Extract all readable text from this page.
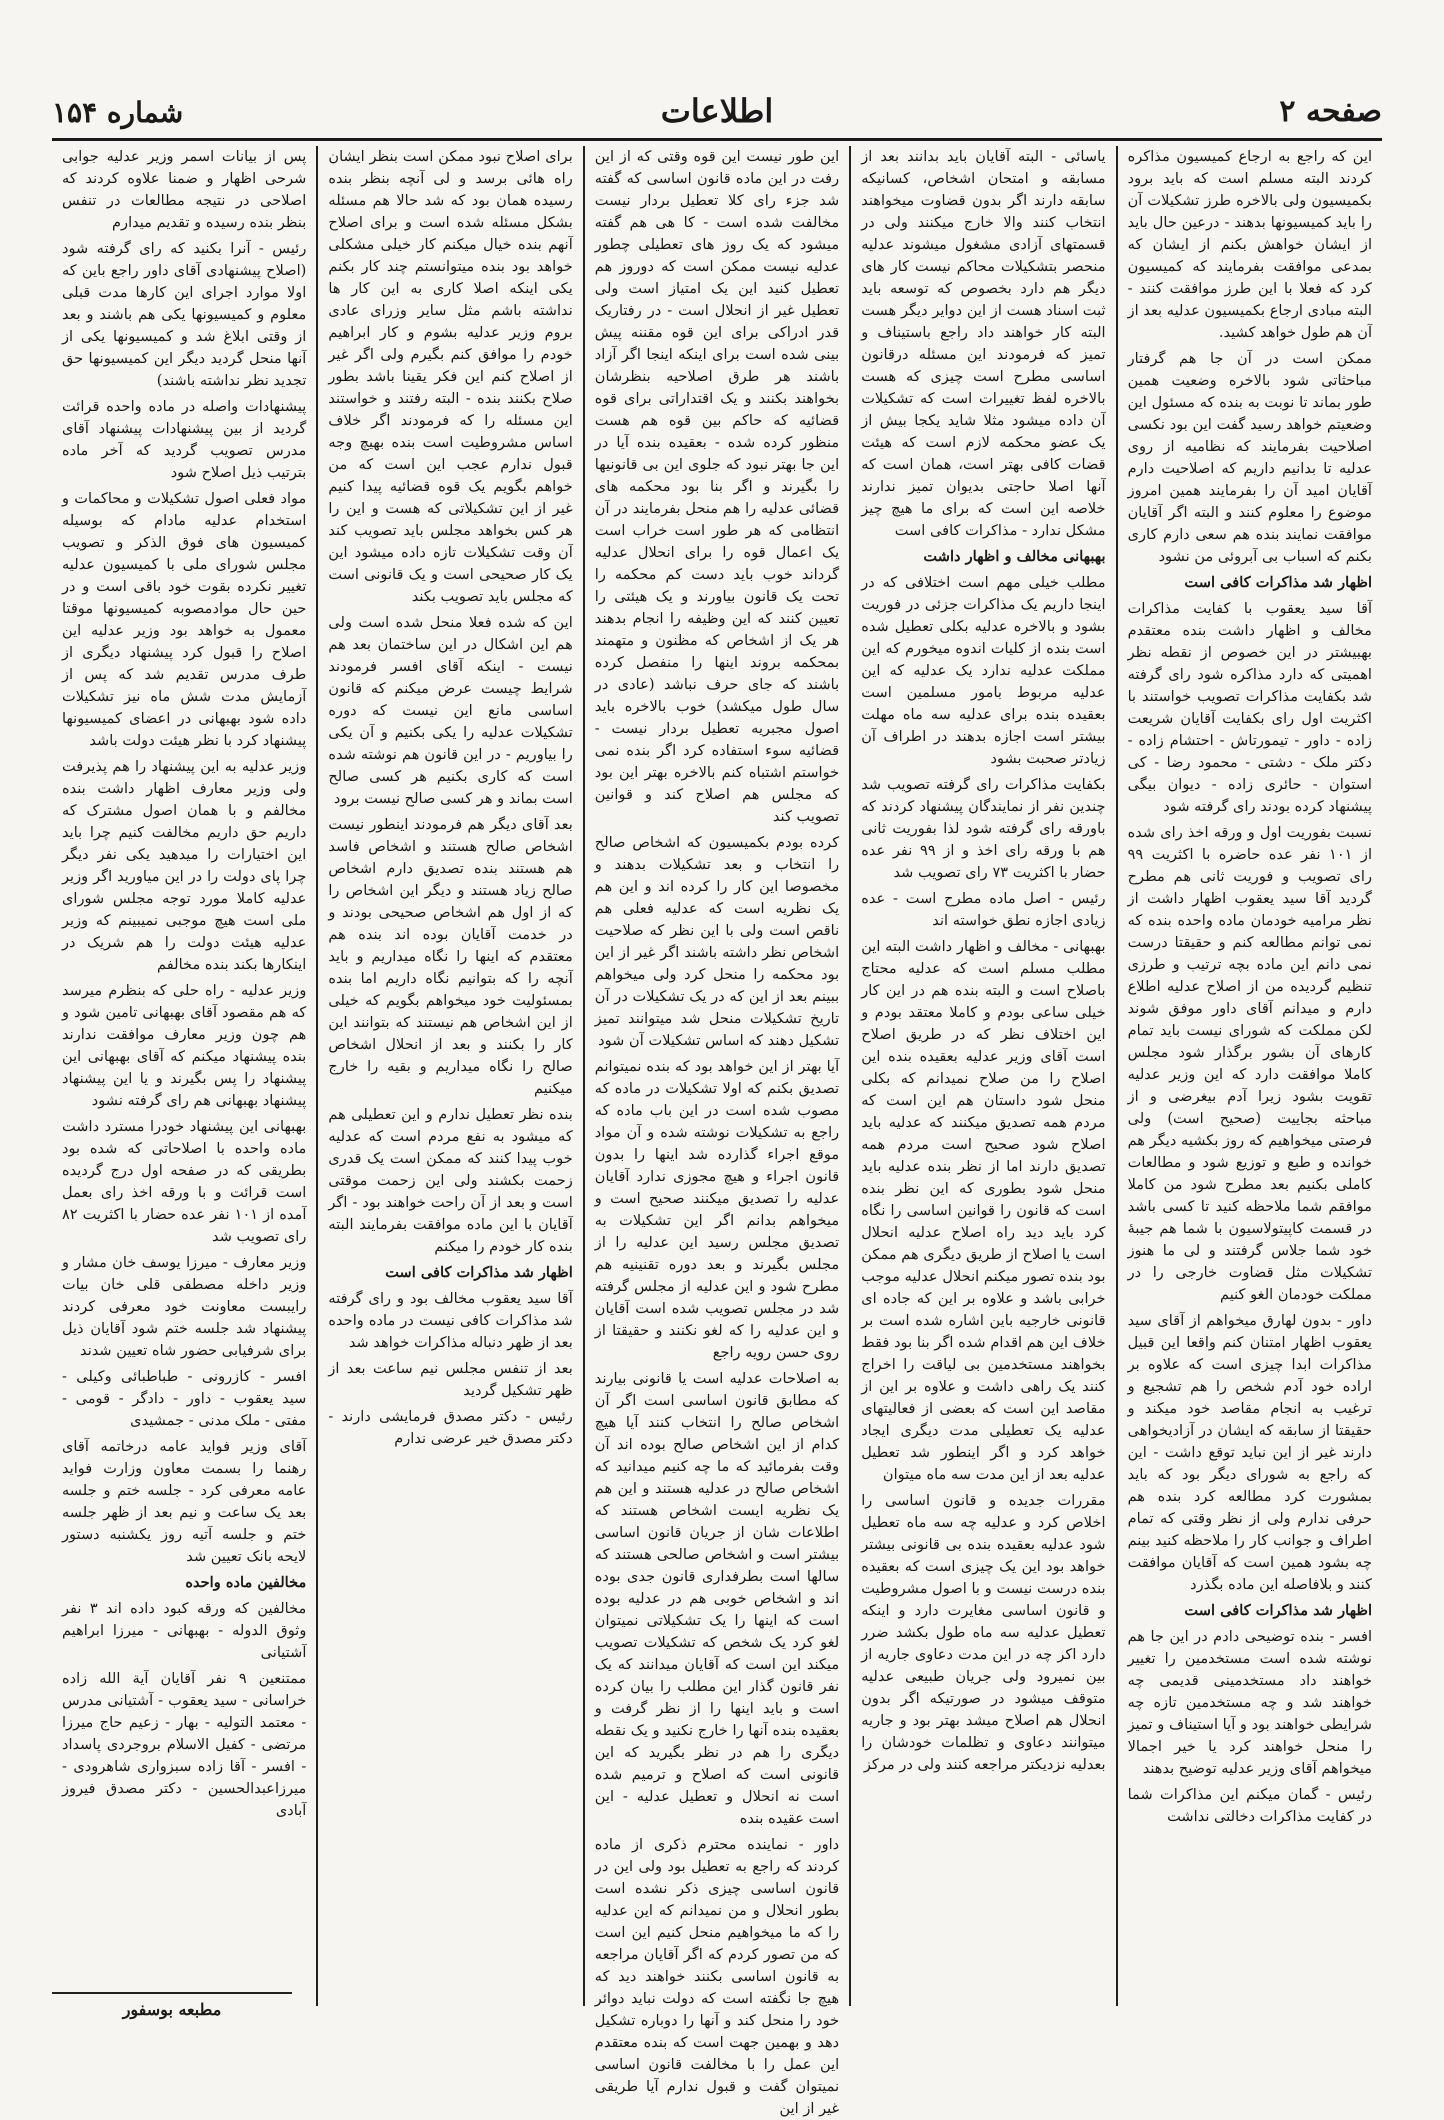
صفحه ۲
اطلاعات
شماره ۱۵۴

این که راجع به ارجاع کمیسیون مذاکره کردند البته مسلم است که باید برود بکمیسیون ولی بالاخره طرز تشکیلات آن را باید کمیسیونها بدهند - درعین حال باید از ایشان خواهش بکنم از ایشان که بمدعی موافقت بفرمایند که کمیسیون کرد که فعلا با این طرز موافقت کنند - البته مبادی ارجاع بکمیسیون عدلیه بعد از آن هم طول خواهد کشید.

ممکن است در آن جا هم گرفتار مباحثاتی شود بالاخره وضعیت همین طور بماند تا نوبت به بنده که مسئول این وضعیتم خواهد رسید گفت این بود نکسی اصلاحیت بفرمایند که نظامیه از روی عدلیه تا بدانیم داریم که اصلاحیت دارم آقایان امید آن را بفرمایند همین امروز موضوع را معلوم کنند و البته اگر آقایان موافقت نمایند بنده هم سعی دارم کاری بکنم که اسباب بی آبروئی من نشود

اظهار شد مذاکرات کافی است

آقا سید یعقوب با کفایت مذاکرات مخالف و اظهار داشت بنده معتقدم بهبیشتر در این خصوص از نقطه نظر اهمیتی که دارد مذاکره شود رای گرفته شد بکفایت مذاکرات تصویب خواستند با اکثریت اول رای بکفایت آقایان شریعت زاده - داور - تیمورتاش - احتشام زاده - دکتر ملک - دشتی - محمود رضا - کی استوان - حائری زاده - دیوان بیگی پیشنهاد کرده بودند رای گرفته شود

نسبت بفوریت اول و ورقه اخذ رای شده از ۱۰۱ نفر عده حاضره با اکثریت ۹۹ رای تصویب و فوریت ثانی هم مطرح گردید آقا سید یعقوب اظهار داشت از نظر مرامیه خودمان ماده واحده بنده که نمی توانم مطالعه کنم و حقیقتا درست نمی دانم این ماده بچه ترتیب و طرزی تنظیم گردیده من از اصلاح عدلیه اطلاع دارم و میدانم آقای داور موفق شوند لکن مملکت که شورای نیست باید تمام کارهای آن بشور برگذار شود مجلس کاملا موافقت دارد که این وزیر عدلیه تقویت بشود زیرا آدم بیغرضی و از مباحثه بجاییت (صحیح است) ولی فرصتی میخواهیم که روز بکشیه دیگر هم خوانده و طبع و توزیع شود و مطالعات کاملی بکنیم بعد مطرح شود من کاملا موافقم شما ملاحظه کنید تا کسی باشد در قسمت کاپیتولاسیون با شما هم جیبهٔ خود شما جلاس گرفتند و لی ما هنوز تشکیلات مثل قضاوت خارجی را در مملکت خودمان الغو کنیم

داور - بدون لهارق میخواهم از آقای سید یعقوب اظهار امتنان کنم واقعا این قبیل مذاکرات ابدا چیزی است که علاوه بر اراده خود آدم شخص را هم تشجیع و ترغیب به انجام مقاصد خود میکند و حقیقتا از سابقه که ایشان در آزادیخواهی دارند غیر از این نباید توقع داشت - این که راجع به شورای دیگر بود که باید بمشورت کرد مطالعه کرد بنده هم حرفی ندارم ولی از نظر وقتی که تمام اطراف و جوانب کار را ملاحظه کنید بینم چه بشود همین است که آقایان موافقت کنند و بلافاصله این ماده بگذرد

اظهار شد مذاکرات کافی است

افسر - بنده توضیحی دادم در این جا هم نوشته شده است مستخدمین را تغییر خواهند داد مستخدمینی قدیمی چه خواهند شد و چه مستخدمین تازه چه شرایطی خواهند بود و آیا استیناف و تمیز را منحل خواهند کرد یا خیر اجمالا میخواهم آقای وزیر عدلیه توضیح بدهند

رئیس - گمان میکنم این مذاکرات شما در کفایت مذاکرات دخالتی نداشت

یاسائی - البته آقایان باید بدانند بعد از مسابقه و امتحان اشخاص، کسانیکه سابقه دارند اگر بدون قضاوت میخواهند انتخاب کنند والا خارج میکنند ولی در قسمتهای آزادی مشغول میشوند عدلیه منحصر بتشکیلات محاکم نیست کار های دیگر هم دارد بخصوص که توسعه باید ثبت اسناد هست از این دوایر دیگر هست البته کار خواهند داد راجع باستیناف و تمیز که فرمودند این مسئله درقانون اساسی مطرح است چیزی که هست بالاخره لفظ تغییرات است که تشکیلات آن داده میشود مثلا شاید یکجا بیش از یک عضو محکمه لازم است که هیئت قضات کافی بهتر است، همان است که آنها اصلا حاجتی بدیوان تمیز ندارند خلاصه این است که برای ما هیچ چیز مشکل ندارد - مذاکرات کافی است

بهبهانی مخالف و اظهار داشت

مطلب خیلی مهم است اختلافی که در اینجا داریم یک مذاکرات جزئی در فوریت بشود و بالاخره عدلیه بکلی تعطیل شده است بنده از کلیات اندوه میخورم که این مملکت عدلیه ندارد یک عدلیه که این عدلیه مربوط بامور مسلمین است بعقیده بنده برای عدلیه سه ماه مهلت بیشتر است اجازه بدهند در اطراف آن زیادتر صحبت بشود

بکفایت مذاکرات رای گرفته تصویب شد چندین نفر از نمایندگان پیشنهاد کردند که باورقه رای گرفته شود لذا بفوریت ثانی هم با ورقه رای اخذ و از ۹۹ نفر عده حضار با اکثریت ۷۳ رای تصویب شد

رئیس - اصل ماده مطرح است - عده زیادی اجازه نطق خواسته اند

بهبهانی - مخالف و اظهار داشت البته این مطلب مسلم است که عدلیه محتاج باصلاح است و البته بنده هم در این کار خیلی ساعی بودم و کاملا معتقد بودم و این اختلاف نظر که در طریق اصلاح است آقای وزیر عدلیه بعقیده بنده این اصلاح را من صلاح نمیدانم که بکلی منحل شود داستان هم این است که مردم همه تصدیق میکنند که عدلیه باید اصلاح شود صحیح است مردم همه تصدیق دارند اما از نظر بنده عدلیه باید منحل شود بطوری که این نظر بنده است که قانون را قوانین اساسی را نگاه کرد باید دید راه اصلاح عدلیه انحلال است یا اصلاح از طریق دیگری هم ممکن بود بنده تصور میکنم انحلال عدلیه موجب خرابی باشد و علاوه بر این که جاده ای قانونی خارجیه باین اشاره شده است بر خلاف این هم اقدام شده اگر بنا بود فقط بخواهند مستخدمین بی لیاقت را اخراج کنند یک راهی داشت و علاوه بر این از مقاصد این است که بعضی از فعالیتهای عدلیه یک تعطیلی مدت دیگری ایجاد خواهد کرد و اگر اینطور شد تعطیل عدلیه بعد از این مدت سه ماه میتوان

مقررات جدیده و قانون اساسی را اخلاص کرد و عدلیه چه سه ماه تعطیل شود عدلیه بعقیده بنده بی قانونی بیشتر خواهد بود این یک چیزی است که بعقیده بنده درست نیست و با اصول مشروطیت و قانون اساسی مغایرت دارد و اینکه تعطیل عدلیه سه ماه طول بکشد ضرر دارد اکر چه در این مدت دعاوی جاریه از بین نمیرود ولی جریان طبیعی عدلیه متوقف میشود در صورتیکه اگر بدون انحلال هم اصلاح میشد بهتر بود و جاریه میتوانند دعاوی و تظلمات خودشان را بعدلیه نزدیکتر مراجعه کنند ولی در مرکز

این طور نیست این قوه وقتی که از این رفت در این ماده قانون اساسی که گفته شد جزء رای کلا تعطیل بردار نیست مخالفت شده است - کا هی هم گفته میشود که یک روز های تعطیلی چطور عدلیه نیست ممکن است که دوروز هم تعطیل کنید این یک امتیاز است ولی تعطیل غیر از انحلال است - در رفتاریک قدر ادراکی برای این قوه مقننه پیش بینی شده است برای اینکه اینجا اگر آزاد باشند هر طرق اصلاحیه بنظرشان بخواهند بکنند و یک اقتداراتی برای قوه قضائیه که حاکم بین قوه هم هست منظور کرده شده - بعقیده بنده آیا در این جا بهتر نبود که جلوی این بی قانونیها را بگیرند و اگر بنا بود محکمه های قضائی عدلیه را هم منحل بفرمایند در آن انتظامی که هر طور است خراب است یک اعمال قوه را برای انحلال عدلیه گرداند خوب باید دست کم محکمه را تحت یک قانون بیاورند و یک هیئتی را تعیین کنند که این وظیفه را انجام بدهند هر یک از اشخاص که مظنون و متهمند بمحکمه بروند اینها را منفصل کرده باشند که جای حرف نباشد (عادی در سال طول میکشد) خوب بالاخره باید اصول مجبریه تعطیل بردار نیست - قضائیه سوء استفاده کرد اگر بنده نمی خواستم اشتباه کنم بالاخره بهتر این بود که مجلس هم اصلاح کند و قوانین تصویب کند

کرده بودم بکمیسیون که اشخاص صالح را انتخاب و بعد تشکیلات بدهند و مخصوصا این کار را کرده اند و این هم یک نظریه است که عدلیه فعلی هم ناقص است ولی با این نظر که صلاحیت اشخاص نظر داشته باشند اگر غیر از این بود محکمه را منحل کرد ولی میخواهم ببینم بعد از این که در یک تشکیلات در آن تاریخ تشکیلات منحل شد میتوانند تمیز تشکیل دهند که اساس تشکیلات آن شود

آیا بهتر از این خواهد بود که بنده نمیتوانم تصدیق بکنم که اولا تشکیلات در ماده که مصوب شده است در این باب ماده که راجع به تشکیلات نوشته شده و آن مواد موقع اجراء گذارده شد اینها را بدون قانون اجراء و هیچ مجوزی ندارد آقایان عدلیه را تصدیق میکنند صحیح است و میخواهم بدانم اگر این تشکیلات به تصدیق مجلس رسید این عدلیه را از مجلس بگیرند و بعد دوره تقنینیه هم مطرح شود و این عدلیه از مجلس گرفته شد در مجلس تصویب شده است آقایان و این عدلیه را که لغو نکنند و حقیقتا از روی حسن رویه راجع

به اصلاحات عدلیه است یا قانونی بیارند که مطابق قانون اساسی است اگر آن اشخاص صالح را انتخاب کنند آیا هیچ کدام از این اشخاص صالح بوده اند آن وقت بفرمائید که ما چه کنیم میدانید که اشخاص صالح در عدلیه هستند و این هم یک نظریه ایست اشخاص هستند که اطلاعات شان از جریان قانون اساسی بیشتر است و اشخاص صالحی هستند که سالها است بطرفداری قانون جدی بوده اند و اشخاص خوبی هم در عدلیه بوده است که اینها را یک تشکیلاتی نمیتوان لغو کرد یک شخص که تشکیلات تصویب میکند این است که آقایان میدانند که یک نفر قانون گذار این مطلب را بیان کرده است و باید اینها را از نظر گرفت و بعقیده بنده آنها را خارج نکنید و یک نقطه دیگری را هم در نظر بگیرید که این قانونی است که اصلاح و ترمیم شده است نه انحلال و تعطیل عدلیه - این است عقیده بنده

داور - نماینده محترم ذکری از ماده کردند که راجع به تعطیل بود ولی این در قانون اساسی چیزی ذکر نشده است بطور انحلال و من نمیدانم که این عدلیه را که ما میخواهیم منحل کنیم این است که من تصور کردم که اگر آقایان مراجعه به قانون اساسی بکنند خواهند دید که هیچ جا نگفته است که دولت نباید دوائر خود را منحل کند و آنها را دوباره تشکیل دهد و بهمین جهت است که بنده معتقدم این عمل را با مخالفت قانون اساسی نمیتوان گفت و قبول ندارم آیا طریقی غیر از این

برای اصلاح نبود ممکن است بنظر ایشان راه هائی برسد و لی آنچه بنظر بنده رسیده همان بود که شد حالا هم مسئله بشکل مسئله شده است و برای اصلاح آنهم بنده خیال میکنم کار خیلی مشکلی خواهد بود بنده میتوانستم چند کار بکنم یکی اینکه اصلا کاری به این کار ها نداشته باشم مثل سایر وزرای عادی بروم وزیر عدلیه بشوم و کار ابراهیم خودم را موافق کنم بگیرم ولی اگر غیر از اصلاح کنم این فکر یقینا باشد بطور صلاح بکنند بنده - البته رفتند و خواستند این مسئله را که فرمودند اگر خلاف اساس مشروطیت است بنده بهیچ وجه قبول ندارم عجب این است که من خواهم بگویم یک قوه قضائیه پیدا کنیم غیر از این تشکیلاتی که هست و این را هر کس بخواهد مجلس باید تصویب کند آن وقت تشکیلات تازه داده میشود این یک کار صحیحی است و یک قانونی است که مجلس باید تصویب بکند

این که شده فعلا منحل شده است ولی هم این اشکال در این ساختمان بعد هم نیست - اینکه آقای افسر فرمودند شرایط چیست عرض میکنم که قانون اساسی مانع این نیست که دوره تشکیلات عدلیه را یکی بکنیم و آن یکی را بیاوریم - در این قانون هم نوشته شده است که کاری بکنیم هر کسی صالح است بماند و هر کسی صالح نیست برود

بعد آقای دیگر هم فرمودند اینطور نیست اشخاص صالح هستند و اشخاص فاسد هم هستند بنده تصدیق دارم اشخاص صالح زیاد هستند و دیگر این اشخاص را که از اول هم اشخاص صحیحی بودند و در خدمت آقایان بوده اند بنده هم معتقدم که اینها را نگاه میداریم و باید آنچه را که بتوانیم نگاه داریم اما بنده بمسئولیت خود میخواهم بگویم که خیلی از این اشخاص هم نیستند که بتوانند این کار را بکنند و بعد از انحلال اشخاص صالح را نگاه میداریم و بقیه را خارج میکنیم

بنده نظر تعطیل ندارم و این تعطیلی هم که میشود به نفع مردم است که عدلیه خوب پیدا کنند که ممکن است یک قدری زحمت بکشند ولی این زحمت موقتی است و بعد از آن راحت خواهند بود - اگر آقایان با این ماده موافقت بفرمایند البته بنده کار خودم را میکنم

اظهار شد مذاکرات کافی است

آقا سید یعقوب مخالف بود و رای گرفته شد مذاکرات کافی نیست در ماده واحده بعد از ظهر دنباله مذاکرات خواهد شد

بعد از تنفس مجلس نیم ساعت بعد از ظهر تشکیل گردید

رئیس - دکتر مصدق فرمایشی دارند - دکتر مصدق خیر عرضی ندارم

پس از بیانات اسمر وزیر عدلیه جوابی شرحی اظهار و ضمنا علاوه کردند که اصلاحی در نتیجه مطالعات در تنفس بنظر بنده رسیده و تقدیم میدارم

رئیس - آنرا بکنید که رای گرفته شود (اصلاح پیشنهادی آقای داور راجع باین که اولا موارد اجرای این کارها مدت قبلی معلوم و کمیسیونها یکی هم باشند و بعد از وقتی ابلاغ شد و کمیسیونها یکی از آنها منحل گردید دیگر این کمیسیونها حق تجدید نظر نداشته باشند)

پیشنهادات واصله در ماده واحده قرائت گردید از بین پیشنهادات پیشنهاد آقای مدرس تصویب گردید که آخر ماده بترتیب ذیل اصلاح شود

مواد فعلی اصول تشکیلات و محاکمات و استخدام عدلیه مادام که بوسیله کمیسیون های فوق الذکر و تصویب مجلس شورای ملی با کمیسیون عدلیه تغییر نکرده بقوت خود باقی است و در حین حال موادمصوبه کمیسیونها موقتا معمول به خواهد بود وزیر عدلیه این اصلاح را قبول کرد پیشنهاد دیگری از طرف مدرس تقدیم شد که پس از آزمایش مدت شش ماه نیز تشکیلات داده شود بهبهانی در اعضای کمیسیونها پیشنهاد کرد با نظر هیئت دولت باشد

وزیر عدلیه به این پیشنهاد را هم پذیرفت ولی وزیر معارف اظهار داشت بنده مخالفم و با همان اصول مشترک که داریم حق داریم مخالفت کنیم چرا باید این اختیارات را میدهید یکی نفر دیگر چرا پای دولت را در این میاورید اگر وزیر عدلیه کاملا مورد توجه مجلس شورای ملی است هیچ موجبی نمیبینم که وزیر عدلیه هیئت دولت را هم شریک در اینکارها بکند بنده مخالفم

وزیر عدلیه - راه حلی که بنظرم میرسد که هم مقصود آقای بهبهانی تامین شود و هم چون وزیر معارف موافقت ندارند بنده پیشنهاد میکنم که آقای بهبهانی این پیشنهاد را پس بگیرند و یا این پیشنهاد پیشنهاد بهبهانی هم رای گرفته نشود

بهبهانی این پیشنهاد خودرا مسترد داشت ماده واحده با اصلاحاتی که شده بود بطریقی که در صفحه اول درج گردیده است قرائت و با ورقه اخذ رای بعمل آمده از ۱۰۱ نفر عده حضار با اکثریت ۸۲ رای تصویب شد

وزیر معارف - میرزا یوسف خان مشار و وزیر داخله مصطفی قلی خان بیات رایبست معاونت خود معرفی کردند پیشنهاد شد جلسه ختم شود آقایان ذیل برای شرفیابی حضور شاه تعیین شدند

افسر - کازرونی - طباطبائی وکیلی - سید یعقوب - داور - دادگر - قومی - مفتی - ملک مدنی - جمشیدی

آقای وزیر فواید عامه درخاتمه آقای رهنما را بسمت معاون وزارت فواید عامه معرفی کرد - جلسه ختم و جلسه بعد یک ساعت و نیم بعد از ظهر جلسه ختم و جلسه آتیه روز یکشنبه دستور لایحه بانک تعیین شد

مخالفین ماده واحده

مخالفین که ورقه کبود داده اند ۳ نفر وثوق الدوله - بهبهانی - میرزا ابراهیم آشتیانی

ممتنعین ۹ نفر آقایان آیة الله زاده خراسانی - سید یعقوب - آشتیانی مدرس - معتمد التولیه - بهار - زعیم حاج میرزا مرتضی - کفیل الاسلام بروجردی پاسداد - افسر - آقا زاده سبزواری شاهرودی - میرزاعبدالحسین - دکتر مصدق فیروز آبادی

مطبعه بوسفور
